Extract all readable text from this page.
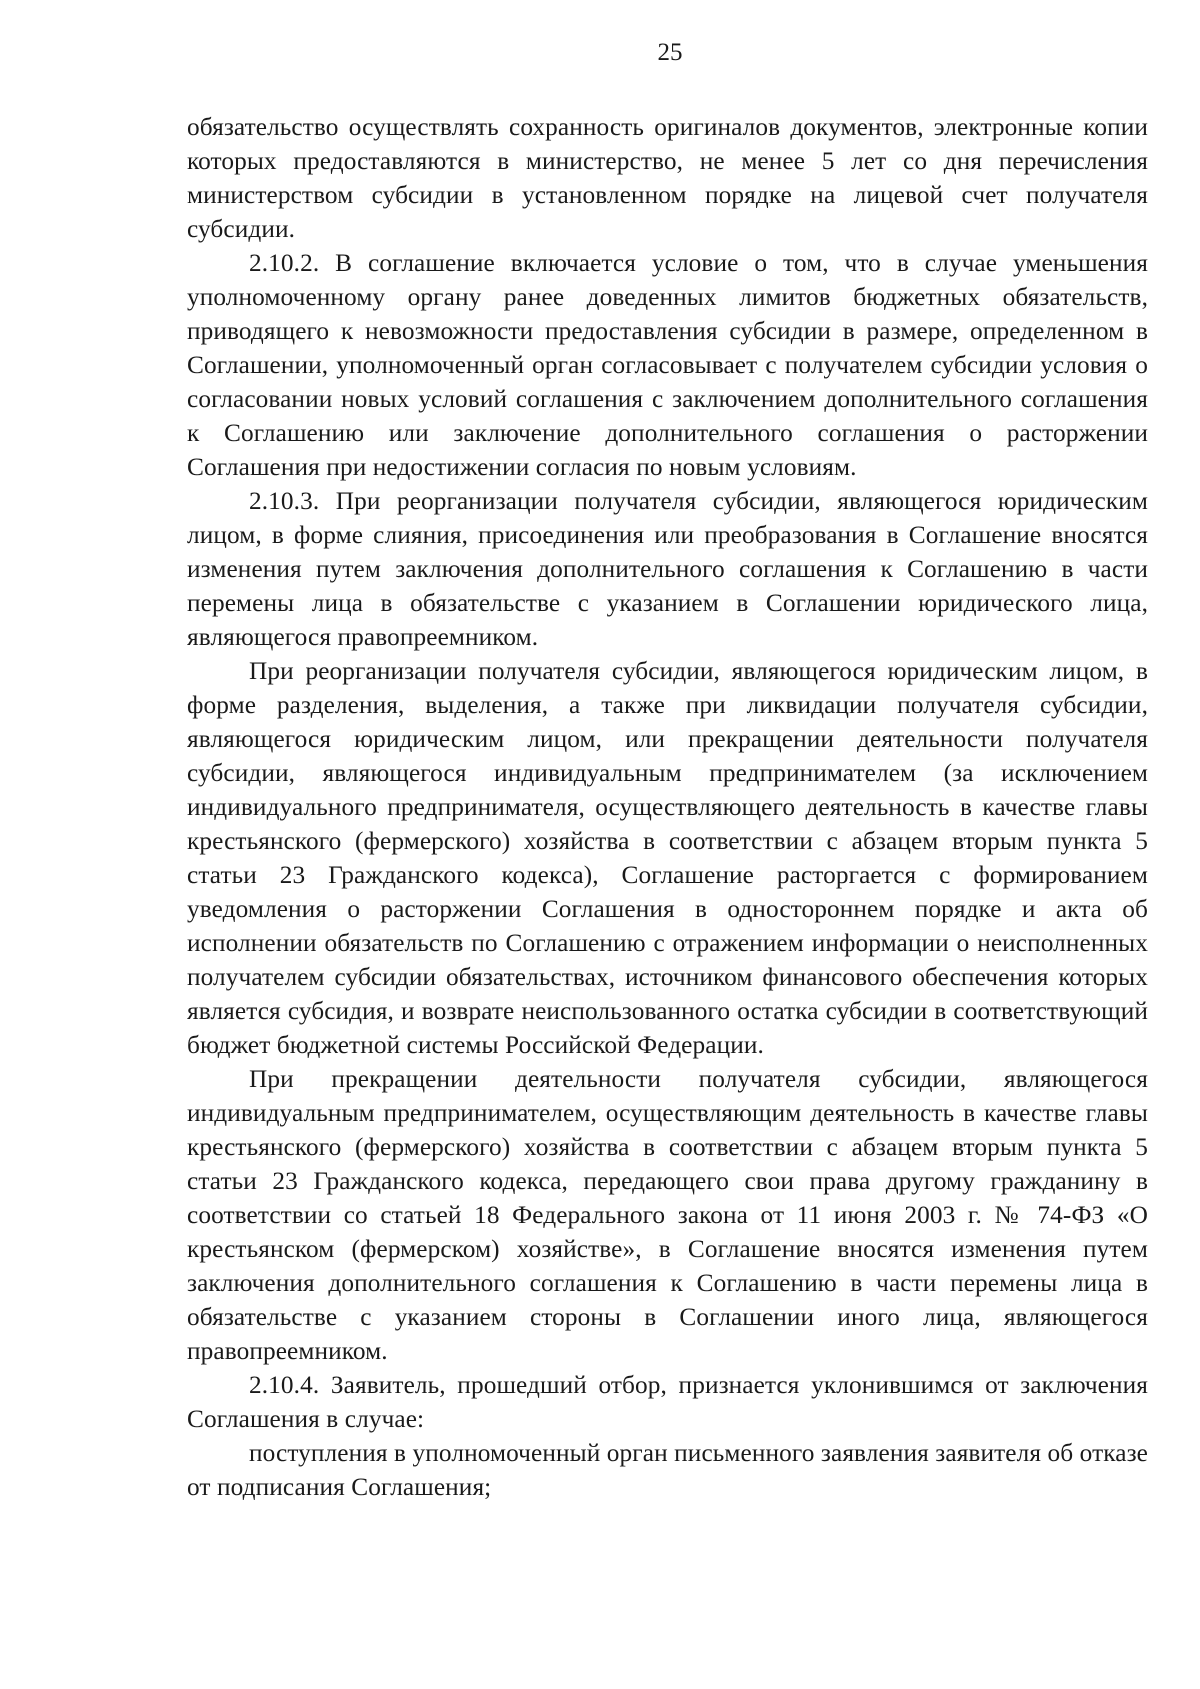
25

обязательство осуществлять сохранность оригиналов документов, электронные копии которых предоставляются в министерство, не менее 5 лет со дня перечисления министерством субсидии в установленном порядке на лицевой счет получателя субсидии.

2.10.2. В соглашение включается условие о том, что в случае уменьшения уполномоченному органу ранее доведенных лимитов бюджетных обязательств, приводящего к невозможности предоставления субсидии в размере, определенном в Соглашении, уполномоченный орган согласовывает с получателем субсидии условия о согласовании новых условий соглашения с заключением дополнительного соглашения к Соглашению или заключение дополнительного соглашения о расторжении Соглашения при недостижении согласия по новым условиям.

2.10.3. При реорганизации получателя субсидии, являющегося юридическим лицом, в форме слияния, присоединения или преобразования в Соглашение вносятся изменения путем заключения дополнительного соглашения к Соглашению в части перемены лица в обязательстве с указанием в Соглашении юридического лица, являющегося правопреемником.

При реорганизации получателя субсидии, являющегося юридическим лицом, в форме разделения, выделения, а также при ликвидации получателя субсидии, являющегося юридическим лицом, или прекращении деятельности получателя субсидии, являющегося индивидуальным предпринимателем (за исключением индивидуального предпринимателя, осуществляющего деятельность в качестве главы крестьянского (фермерского) хозяйства в соответствии с абзацем вторым пункта 5 статьи 23 Гражданского кодекса), Соглашение расторгается с формированием уведомления о расторжении Соглашения в одностороннем порядке и акта об исполнении обязательств по Соглашению с отражением информации о неисполненных получателем субсидии обязательствах, источником финансового обеспечения которых является субсидия, и возврате неиспользованного остатка субсидии в соответствующий бюджет бюджетной системы Российской Федерации.

При прекращении деятельности получателя субсидии, являющегося индивидуальным предпринимателем, осуществляющим деятельность в качестве главы крестьянского (фермерского) хозяйства в соответствии с абзацем вторым пункта 5 статьи 23 Гражданского кодекса, передающего свои права другому гражданину в соответствии со статьей 18 Федерального закона от 11 июня 2003 г. № 74-ФЗ «О крестьянском (фермерском) хозяйстве», в Соглашение вносятся изменения путем заключения дополнительного соглашения к Соглашению в части перемены лица в обязательстве с указанием стороны в Соглашении иного лица, являющегося правопреемником.

2.10.4. Заявитель, прошедший отбор, признается уклонившимся от заключения Соглашения в случае:

поступления в уполномоченный орган письменного заявления заявителя об отказе от подписания Соглашения;
